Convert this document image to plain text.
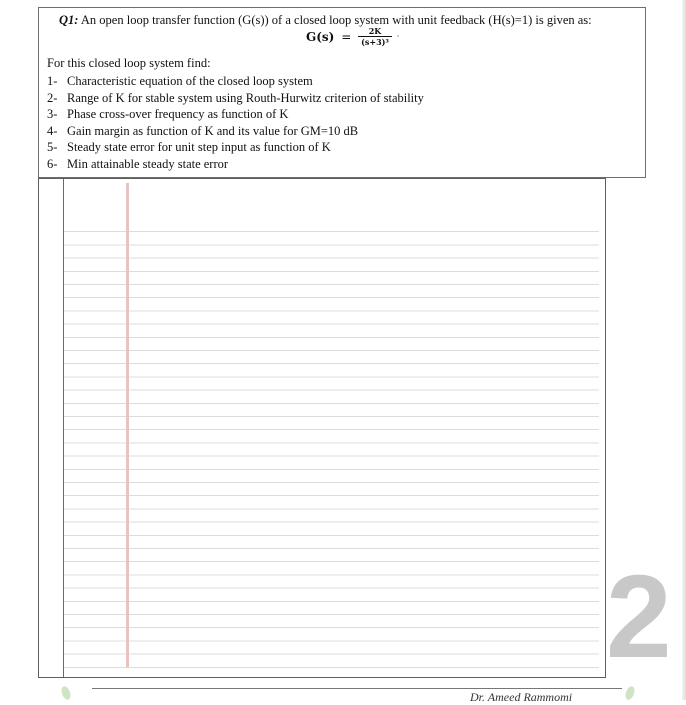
Q1: An open loop transfer function (G(s)) of a closed loop system with unit feedback (H(s)=1) is given as:
$G(s) = \frac{2K}{\text{(s+3)³}}$ ·
For this closed loop system find:
1- Characteristic equation of the closed loop system
2- Range of K for stable system using Routh-Hurwitz criterion of stability
3- Phase cross-over frequency as function of K
4- Gain margin as function of K and its value for GM=10 dB
5- Steady state error for unit step input as function of K
6- Min attainable steady state error
2
Dr. Ameed Rammomi
